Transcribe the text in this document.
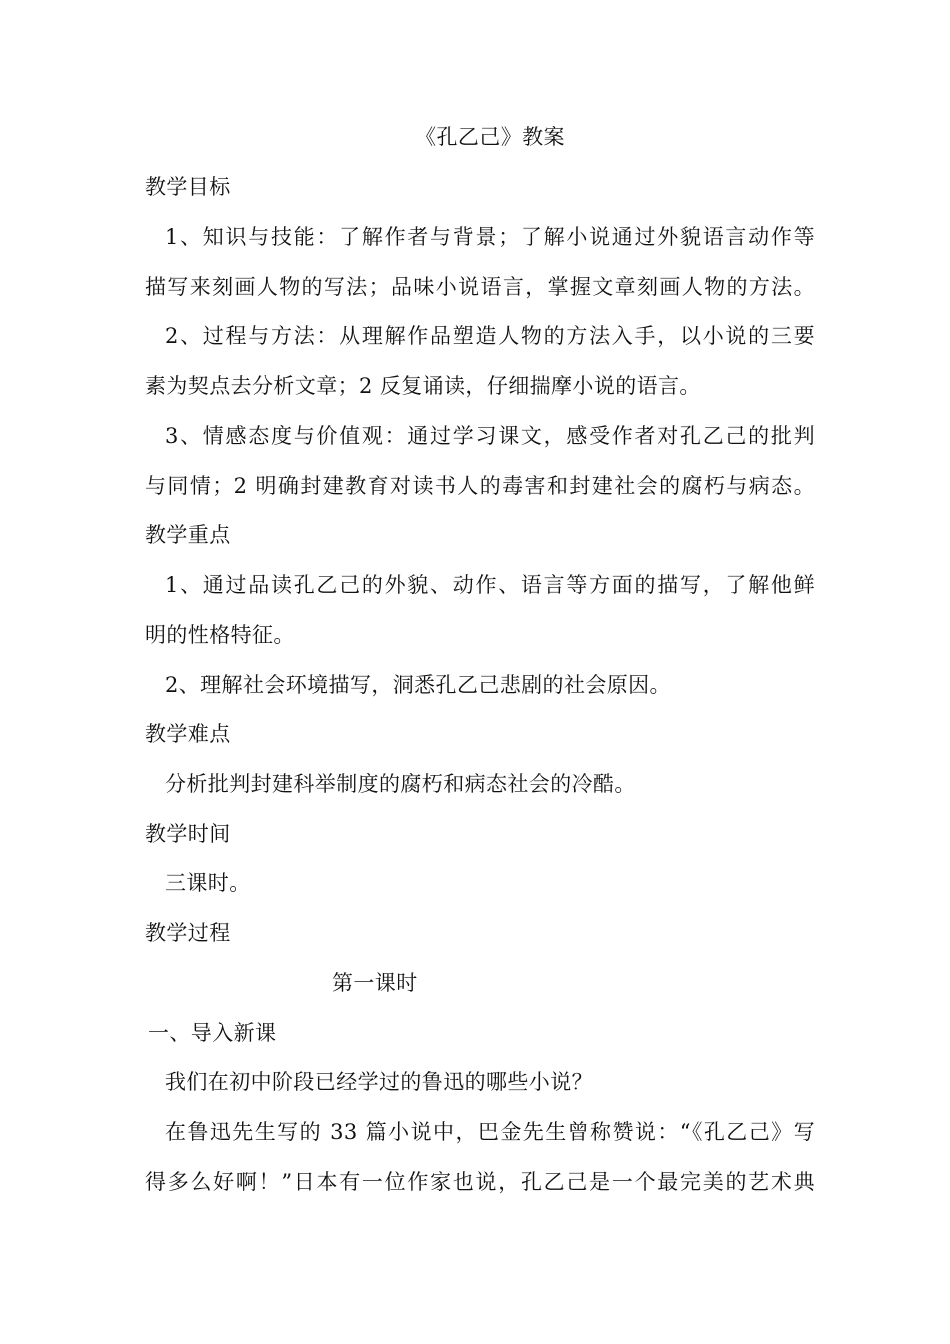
《孔乙己》教案
教学目标
1、知识与技能：了解作者与背景；了解小说通过外貌语言动作等
描写来刻画人物的写法；品味小说语言，掌握文章刻画人物的方法。
2、过程与方法：从理解作品塑造人物的方法入手，以小说的三要
素为契点去分析文章；2 反复诵读，仔细揣摩小说的语言。
3、情感态度与价值观：通过学习课文，感受作者对孔乙己的批判
与同情；2 明确封建教育对读书人的毒害和封建社会的腐朽与病态。
教学重点
1、通过品读孔乙己的外貌、动作、语言等方面的描写，了解他鲜
明的性格特征。
2、理解社会环境描写，洞悉孔乙己悲剧的社会原因。
教学难点
分析批判封建科举制度的腐朽和病态社会的冷酷。
教学时间
三课时。
教学过程
第一课时
一、导入新课
我们在初中阶段已经学过的鲁迅的哪些小说？
在鲁迅先生写的 33 篇小说中，巴金先生曾称赞说：“《孔乙己》写
得多么好啊！”日本有一位作家也说，孔乙己是一个最完美的艺术典
